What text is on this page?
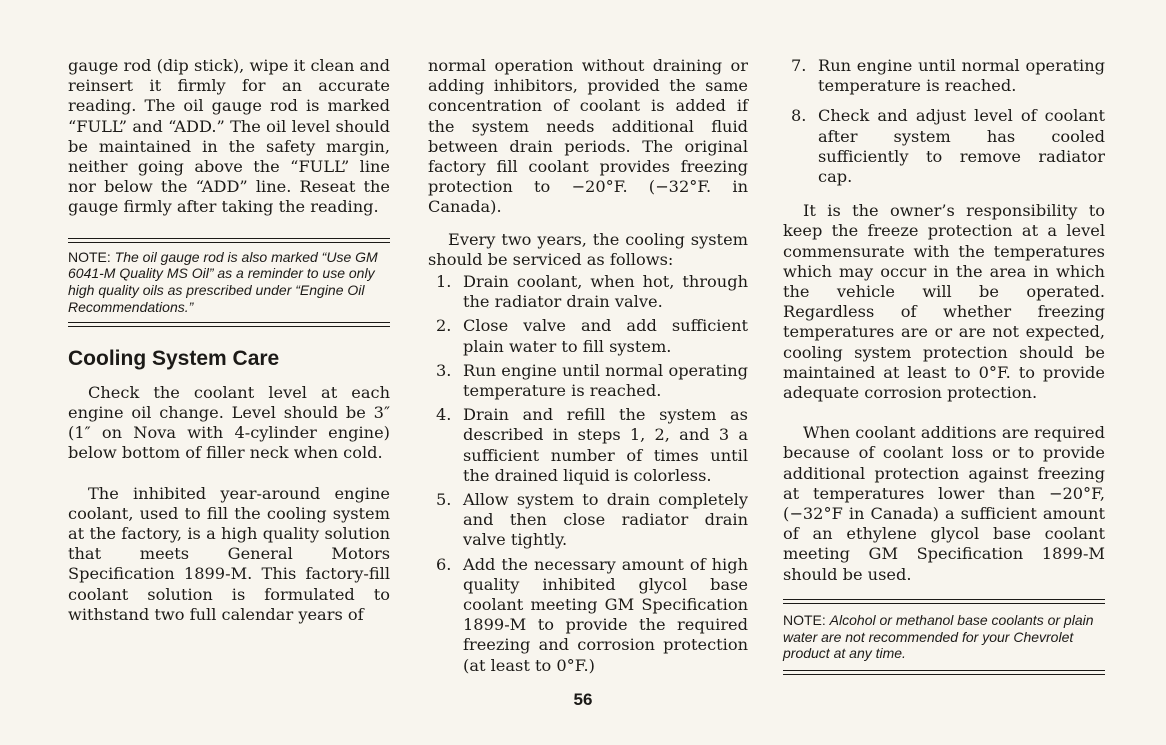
gauge rod (dip stick), wipe it clean and reinsert it firmly for an accurate reading. The oil gauge rod is marked “FULL” and “ADD.” The oil level should be maintained in the safety margin, neither going above the “FULL” line nor below the “ADD” line. Reseat the gauge firmly after taking the reading.

NOTE: The oil gauge rod is also marked “Use GM 6041-M Quality MS Oil” as a reminder to use only high quality oils as prescribed under “Engine Oil Recommendations.”

Cooling System Care

Check the coolant level at each engine oil change. Level should be 3″ (1″ on Nova with 4-cylinder engine) below bottom of filler neck when cold.

The inhibited year-around engine coolant, used to fill the cooling system at the factory, is a high quality solution that meets General Motors Specification 1899-M. This factory-fill coolant solution is formulated to withstand two full calendar years of

normal operation without draining or adding inhibitors, provided the same concentration of coolant is added if the system needs additional fluid between drain periods. The original factory fill coolant provides freezing protection to −20°F. (−32°F. in Canada).

Every two years, the cooling system should be serviced as follows:

1. Drain coolant, when hot, through the radiator drain valve.
2. Close valve and add sufficient plain water to fill system.
3. Run engine until normal operating temperature is reached.
4. Drain and refill the system as described in steps 1, 2, and 3 a sufficient number of times until the drained liquid is colorless.
5. Allow system to drain completely and then close radiator drain valve tightly.
6. Add the necessary amount of high quality inhibited glycol base coolant meeting GM Specification 1899-M to provide the required freezing and corrosion protection (at least to 0°F.)
7. Run engine until normal operating temperature is reached.
8. Check and adjust level of coolant after system has cooled sufficiently to remove radiator cap.

It is the owner’s responsibility to keep the freeze protection at a level commensurate with the temperatures which may occur in the area in which the vehicle will be operated. Regardless of whether freezing temperatures are or are not expected, cooling system protection should be maintained at least to 0°F. to provide adequate corrosion protection.

When coolant additions are required because of coolant loss or to provide additional protection against freezing at temperatures lower than −20°F, (−32°F in Canada) a sufficient amount of an ethylene glycol base coolant meeting GM Specification 1899-M should be used.

NOTE: Alcohol or methanol base coolants or plain water are not recommended for your Chevrolet product at any time.

56
